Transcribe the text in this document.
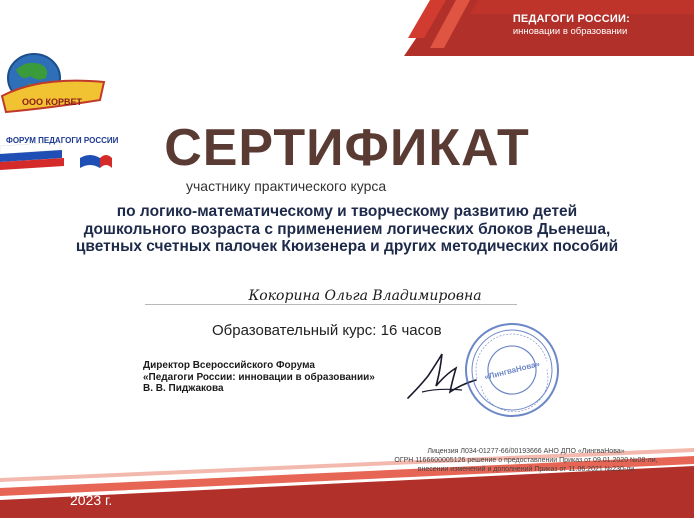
ПЕДАГОГИ РОССИИ:
инновации в образовании
ООО КОРВЕТ
ФОРУМ ПЕДАГОГИ РОССИИ СЕРТИФИКАТ
участнику практического курса
по логико-математическому и творческому развитию детей
дошкольного возраста с применением логических блоков Дьенеша,
цветных счетных палочек Кюизенера и других методических пособий
Кокорина Ольга Владимировна
Образовательный курс: 16 часов
Директор Всероссийского Форума
«Педагоги России: инновации в образовании»
В. В. Пиджакова
«ЛингваНова»
Лицензия Л034-01277-66/00193666 АНО ДПО «ЛингваНова»
ОГРН 1166600005126 решение о предоставлении Приказ от 09.01.2020 №08-ли,
внесении изменений и дополнений Приказ от 11.06.2021 №230-ли
2023 г.
